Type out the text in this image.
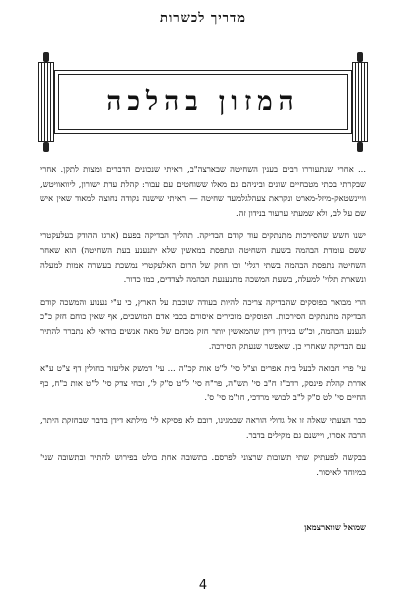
מדריך לכשרות
המזון בהלכה

... אחרי שנתעוררו רבים בענין השחיטה שבארצה"ב, ראיתי שנכונים הדברים ומצות לתקן. אחרי שבקרתי בכתי מטבחיים שונים וביניהם גם מאלו ששוחטים עם עבור: קהלת עדת ישורון, ליוואוויטש, וויינשטאק-מיזל-מארט ונקראת צעהלגלמעד שחיטה — ראיתי שישנה נקודה נחוצה למאוד שאין איש שם על לב, ולא שמעתי ערעור בנידון זה.

ישנו חשש שהסירכות מתנתקים עוד קודם הבדיקה. תהליך הבדיקה בפעם (ארגז ההודק בעלעקטרי ששם עומדת הבהמה בשעת השחיטה ונתפסת במאשין שלא יתנענע בעת השחיטה) הוא שאחר השחיטה נתפסת הבהמה בשתי רגלי' וכו חוזק של הרום האלעקטרי נמשכת בעשרה אמות למעלה ונשארת תלוי' למעלה, בשעת המשכה מתנענעת הבהמה לצדדים, כמו כדור.

הרי מבואר בפוסקים שהבדיקה צריכה להיות בעודה שוכבת על הארץ, כי ע"י נענוע והמשכה קודם הבדיקה מתנתקים הסירכות. הפוסקים מוכירים איסורם בכבי אדם המושכים, אף שאין כוחם חזק כ"כ לנענע הבהמה, וכ"ש בנידון דידן שהמאשין יותר חזק מכחם של מאה אנשים בודאי לא נתברר להתיר עם הבדיקה שאחרי כן. שאפשר שנעתק הסירכה.

עי' פרי חבואה לבעל בית אפרים וצ"ל סי' ל"ט אות קכ"ה ... עי' דמשק אליעזר בחולין דף צ"ט ע"א אדרת קהלת פינסק, רדב"ז ח"ב סי' תש"ה, פר"ח סי' ל"ט ס"ק ל', זבחי צדק סי' ל"ט אות כ"ח, כף החיים סי' לט ס"ק ל"ב לבושי מרדכי, חו"מ סי' ס'.

כבר הצעתי שאלה זו אל גדולי הוראה שבמגינו, רובם לא פסיקא לי' מילתא דידן בדבר שבחזקת היתר, הרבה אסרו, ויישנם גם מקילים בדבר.

בבקשה לפעתיק שתי תשובות שרצוני לפרסם. בתשובה אחת בולט בפירוש להתיר ובתשובה שני' במיוחד לאיסור.

שמואל שווארצמאן
4
